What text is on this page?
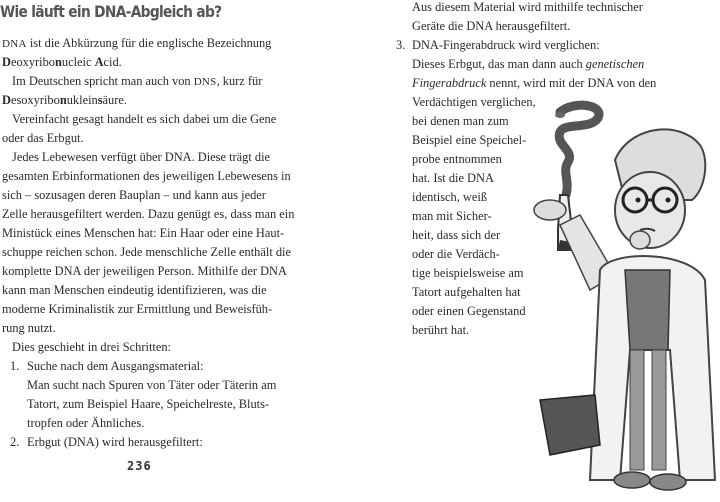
Wie läuft ein DNA-Abgleich ab?
DNA ist die Abkürzung für die englische Bezeichnung
Deoxyribonucleic Acid.
Im Deutschen spricht man auch von DNS, kurz für
Desoxyribonukleinsäure.
Vereinfacht gesagt handelt es sich dabei um die Gene
oder das Erbgut.
Jedes Lebewesen verfügt über DNA. Diese trägt die
gesamten Erbinformationen des jeweiligen Lebewesens in
sich – sozusagen deren Bauplan – und kann aus jeder
Zelle herausgefiltert werden. Dazu genügt es, dass man ein
Ministück eines Menschen hat: Ein Haar oder eine Haut-
schuppe reichen schon. Jede menschliche Zelle enthält die
komplette DNA der jeweiligen Person. Mithilfe der DNA
kann man Menschen eindeutig identifizieren, was die
moderne Kriminalistik zur Ermittlung und Beweisfüh-
rung nutzt.
Dies geschieht in drei Schritten:
1. Suche nach dem Ausgangsmaterial:
Man sucht nach Spuren von Täter oder Täterin am
Tatort, zum Beispiel Haare, Speichelreste, Bluts-
tropfen oder Ähnliches.
2. Erbgut (DNA) wird herausgefiltert:
236
Aus diesem Material wird mithilfe technischer
Geräte die DNA herausgefiltert.
3. DNA-Fingerabdruck wird verglichen:
Dieses Erbgut, das man dann auch genetischen
Fingerabdruck nennt, wird mit der DNA von den
Verdächtigen verglichen,
bei denen man zum
Beispiel eine Speichel-
probe entnommen
hat. Ist die DNA
identisch, weiß
man mit Sicher-
heit, dass sich der
oder die Verdäch-
tige beispielsweise am
Tatort aufgehalten hat
oder einen Gegenstand
berührt hat.
